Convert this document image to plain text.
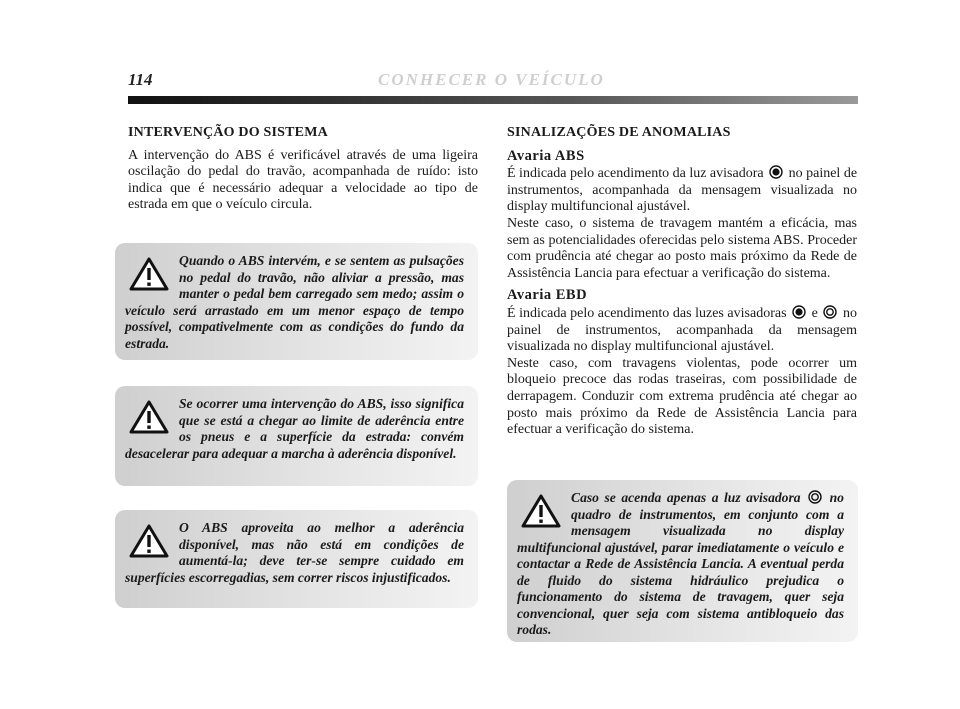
114	CONHECER O VEÍCULO
INTERVENÇÃO DO SISTEMA

A intervenção do ABS é verificável através de uma ligeira oscilação do pedal do travão, acompanhada de ruído: isto indica que é necessário adequar a velocidade ao tipo de estrada em que o veículo circula.

Quando o ABS intervém, e se sentem as pulsações no pedal do travão, não aliviar a pressão, mas manter o pedal bem carregado sem medo; assim o veículo será arrastado em um menor espaço de tempo possível, compativelmente com as condições do fundo da estrada.
Se ocorrer uma intervenção do ABS, isso significa que se está a chegar ao limite de aderência entre os pneus e a superfície da estrada: convém desacelerar para adequar a marcha à aderência disponível.
O ABS aproveita ao melhor a aderência disponível, mas não está em condições de aumentá-la; deve ter-se sempre cuidado em superfícies escorregadias, sem correr riscos injustificados.
SINALIZAÇÕES DE ANOMALIAS
Avaria ABS

É indicada pelo acendimento da luz avisadora no painel de instrumentos, acompanhada da mensagem visualizada no display multifuncional ajustável.

Neste caso, o sistema de travagem mantém a eficácia, mas sem as potencialidades oferecidas pelo sistema ABS. Proceder com prudência até chegar ao posto mais próximo da Rede de Assistência Lancia para efectuar a verificação do sistema.

Avaria EBD

É indicada pelo acendimento das luzes avisadoras e no painel de instrumentos, acompanhada da mensagem visualizada no display multifuncional ajustável.

Neste caso, com travagens violentas, pode ocorrer um bloqueio precoce das rodas traseiras, com possibilidade de derrapagem. Conduzir com extrema prudência até chegar ao posto mais próximo da Rede de Assistência Lancia para efectuar a verificação do sistema.

Caso se acenda apenas a luz avisadora no quadro de instrumentos, em conjunto com a mensagem visualizada no display multifuncional ajustável, parar imediatamente o veículo e contactar a Rede de Assistência Lancia. A eventual perda de fluido do sistema hidráulico prejudica o funcionamento do sistema de travagem, quer seja convencional, quer seja com sistema antibloqueio das rodas.
